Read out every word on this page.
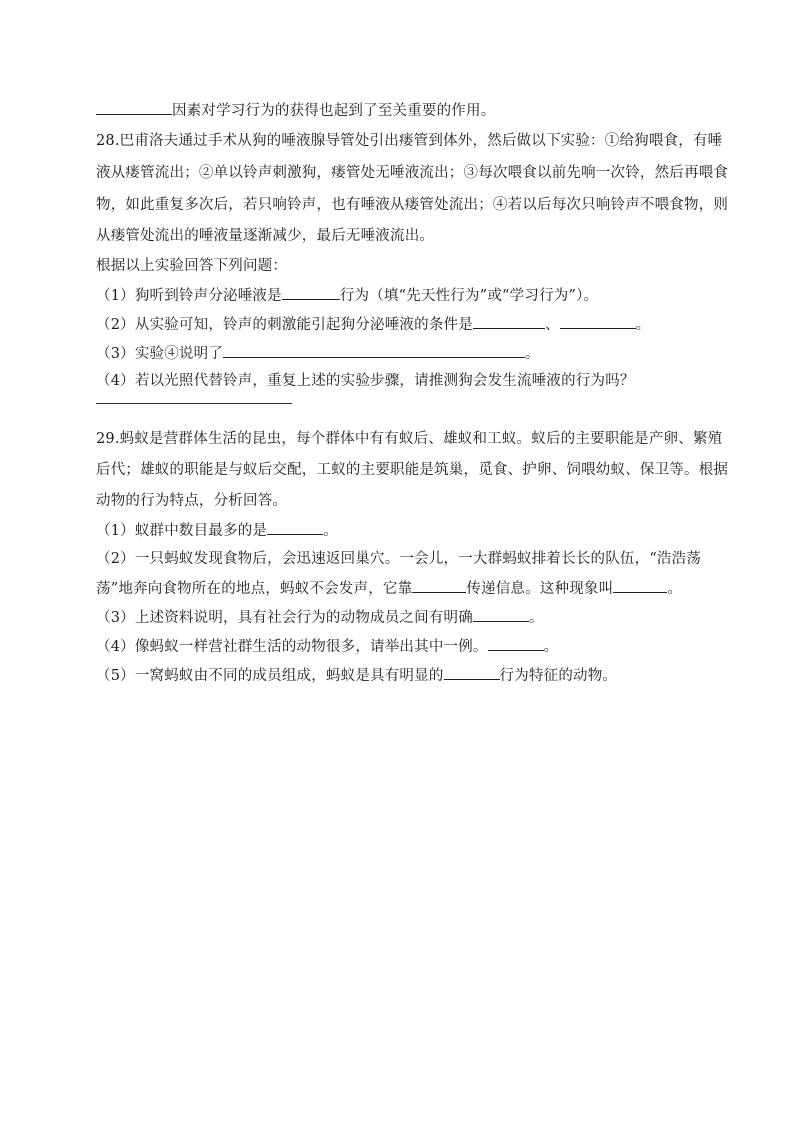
因素对学习行为的获得也起到了至关重要的作用。
28.巴甫洛夫通过手术从狗的唾液腺导管处引出瘘管到体外，然后做以下实验：①给狗喂食，有唾
液从瘘管流出；②单以铃声刺激狗，瘘管处无唾液流出；③每次喂食以前先响一次铃，然后再喂食
物，如此重复多次后，若只响铃声，也有唾液从瘘管处流出；④若以后每次只响铃声不喂食物，则
从瘘管处流出的唾液量逐渐减少，最后无唾液流出。
根据以上实验回答下列问题：
（1）狗听到铃声分泌唾液是	行为（填“先天性行为”或“学习行为”）。
（2）从实验可知，铃声的刺激能引起狗分泌唾液的条件是	、	。
（3）实验④说明了	。
（4）若以光照代替铃声，重复上述的实验步骤，请推测狗会发生流唾液的行为吗？
29.蚂蚁是营群体生活的昆虫，每个群体中有有蚁后、雄蚁和工蚁。蚁后的主要职能是产卵、繁殖
后代；雄蚁的职能是与蚁后交配，工蚁的主要职能是筑巢，觅食、护卵、饲喂幼蚁、保卫等。根据
动物的行为特点，分析回答。
（1）蚁群中数目最多的是	。
（2）一只蚂蚁发现食物后，会迅速返回巢穴。一会儿，一大群蚂蚁排着长长的队伍，“浩浩荡
荡”地奔向食物所在的地点，蚂蚁不会发声，它靠	传递信息。这种现象叫	。
（3）上述资料说明，具有社会行为的动物成员之间有明确	。
（4）像蚂蚁一样营社群生活的动物很多，请举出其中一例。	。
（5）一窝蚂蚁由不同的成员组成，蚂蚁是具有明显的	行为特征的动物。
